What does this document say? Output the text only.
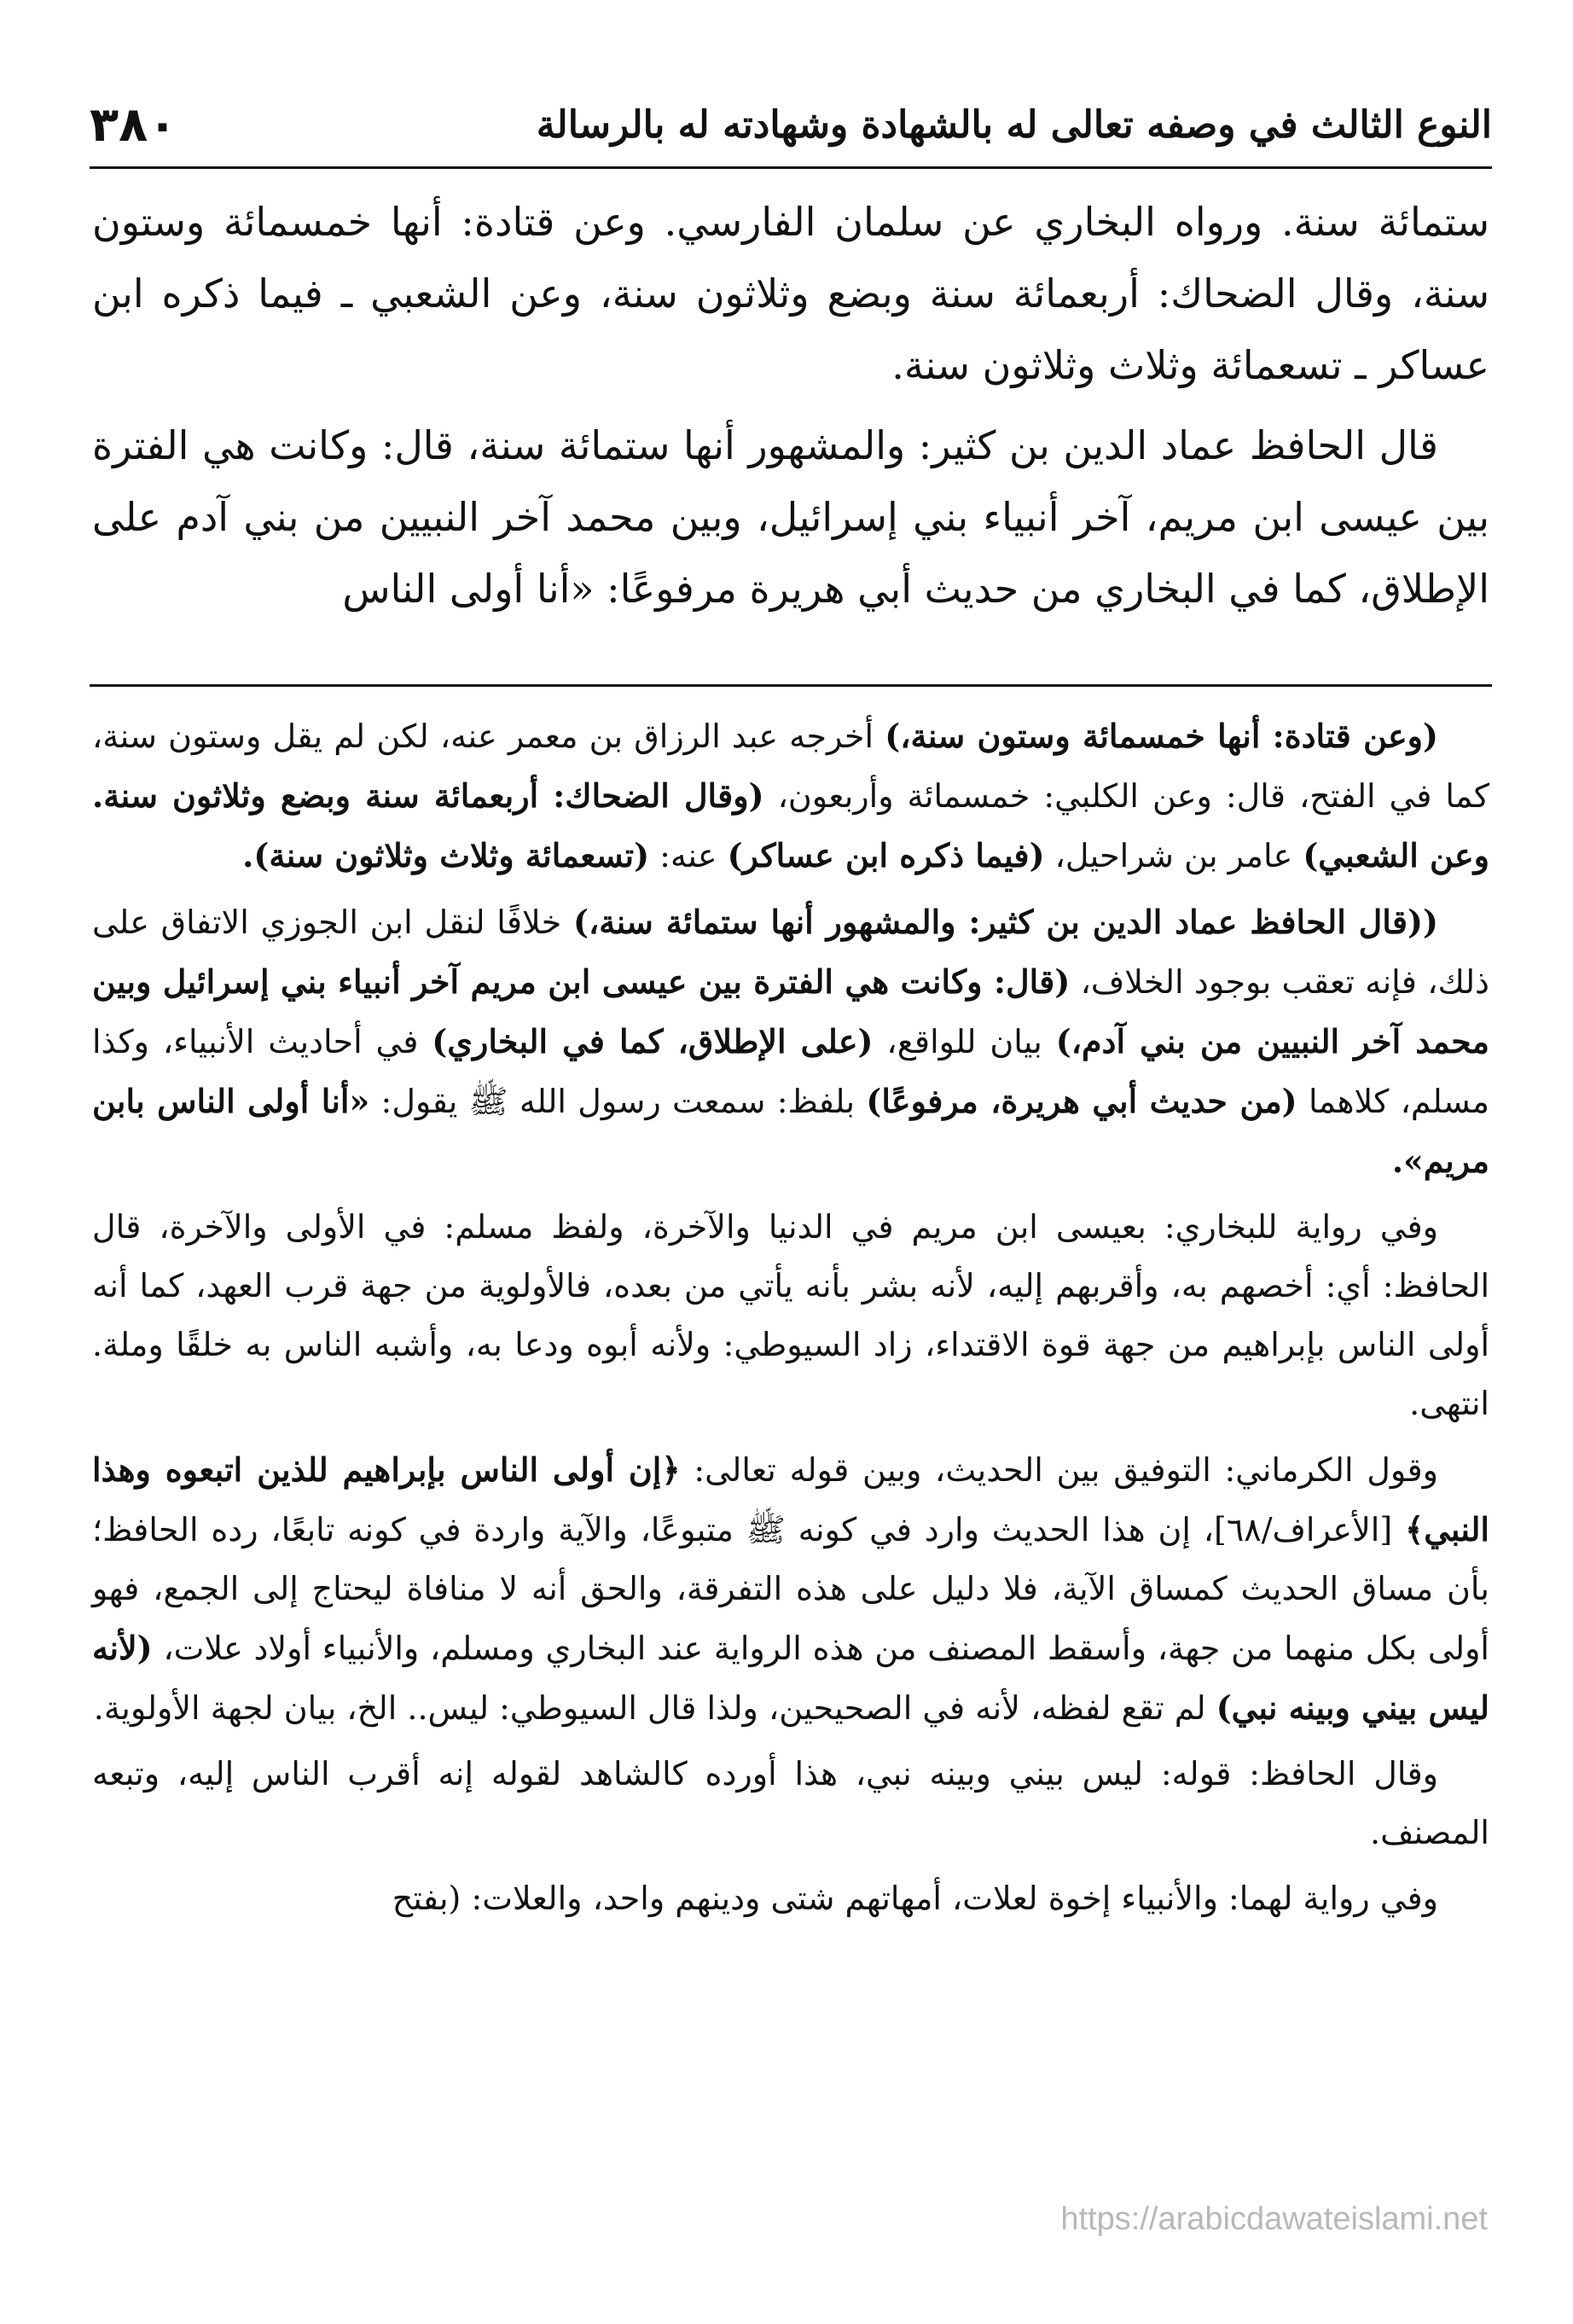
النوع الثالث في وصفه تعالى له بالشهادة وشهادته له بالرسالة
٣٨٠

ستمائة سنة. ورواه البخاري عن سلمان الفارسي. وعن قتادة: أنها خمسمائة وستون سنة، وقال الضحاك: أربعمائة سنة وبضع وثلاثون سنة، وعن الشعبي ـ فيما ذكره ابن عساكر ـ تسعمائة وثلاث وثلاثون سنة.

قال الحافظ عماد الدين بن كثير: والمشهور أنها ستمائة سنة، قال: وكانت هي الفترة بين عيسى ابن مريم، آخر أنبياء بني إسرائيل، وبين محمد آخر النبيين من بني آدم على الإطلاق، كما في البخاري من حديث أبي هريرة مرفوعًا: «أنا أولى الناس

(وعن قتادة: أنها خمسمائة وستون سنة،) أخرجه عبد الرزاق بن معمر عنه، لكن لم يقل وستون سنة، كما في الفتح، قال: وعن الكلبي: خمسمائة وأربعون، (وقال الضحاك: أربعمائة سنة وبضع وثلاثون سنة. وعن الشعبي) عامر بن شراحيل، (فيما ذكره ابن عساكر) عنه: (تسعمائة وثلاث وثلاثون سنة).

((قال الحافظ عماد الدين بن كثير: والمشهور أنها ستمائة سنة،) خلافًا لنقل ابن الجوزي الاتفاق على ذلك، فإنه تعقب بوجود الخلاف، (قال: وكانت هي الفترة بين عيسى ابن مريم آخر أنبياء بني إسرائيل وبين محمد آخر النبيين من بني آدم،) بيان للواقع، (على الإطلاق، كما في البخاري) في أحاديث الأنبياء، وكذا مسلم، كلاهما (من حديث أبي هريرة، مرفوعًا) بلفظ: سمعت رسول الله ﷺ يقول: «أنا أولى الناس بابن مريم».

وفي رواية للبخاري: بعيسى ابن مريم في الدنيا والآخرة، ولفظ مسلم: في الأولى والآخرة، قال الحافظ: أي: أخصهم به، وأقربهم إليه، لأنه بشر بأنه يأتي من بعده، فالأولوية من جهة قرب العهد، كما أنه أولى الناس بإبراهيم من جهة قوة الاقتداء، زاد السيوطي: ولأنه أبوه ودعا به، وأشبه الناس به خلقًا وملة. انتهى.

وقول الكرماني: التوفيق بين الحديث، وبين قوله تعالى: ﴿إن أولى الناس بإبراهيم للذين اتبعوه وهذا النبي﴾ [الأعراف/٦٨]، إن هذا الحديث وارد في كونه ﷺ متبوعًا، والآية واردة في كونه تابعًا، رده الحافظ؛ بأن مساق الحديث كمساق الآية، فلا دليل على هذه التفرقة، والحق أنه لا منافاة ليحتاج إلى الجمع، فهو أولى بكل منهما من جهة، وأسقط المصنف من هذه الرواية عند البخاري ومسلم، والأنبياء أولاد علات، (لأنه ليس بيني وبينه نبي) لم تقع لفظه، لأنه في الصحيحين، ولذا قال السيوطي: ليس.. الخ، بيان لجهة الأولوية.

وقال الحافظ: قوله: ليس بيني وبينه نبي، هذا أورده كالشاهد لقوله إنه أقرب الناس إليه، وتبعه المصنف.

وفي رواية لهما: والأنبياء إخوة لعلات، أمهاتهم شتى ودينهم واحد، والعلات: (بفتح

https://arabicdawateislami.net
